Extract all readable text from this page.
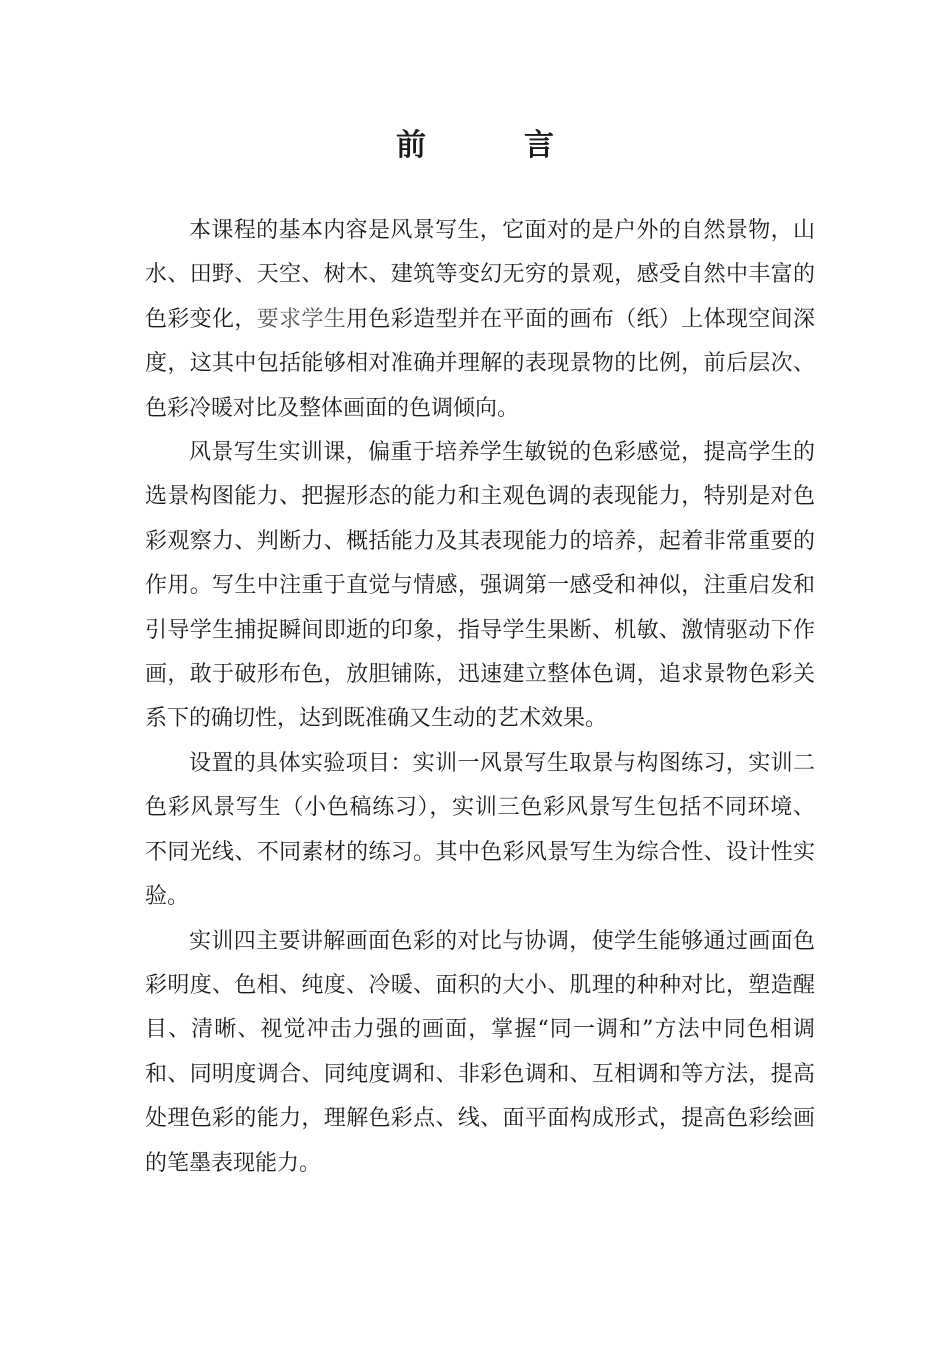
前　　　言

本课程的基本内容是风景写生，它面对的是户外的自然景物，山水、田野、天空、树木、建筑等变幻无穷的景观，感受自然中丰富的色彩变化，要求学生用色彩造型并在平面的画布（纸）上体现空间深度，这其中包括能够相对准确并理解的表现景物的比例，前后层次、色彩冷暖对比及整体画面的色调倾向。

风景写生实训课，偏重于培养学生敏锐的色彩感觉，提高学生的选景构图能力、把握形态的能力和主观色调的表现能力，特别是对色彩观察力、判断力、概括能力及其表现能力的培养，起着非常重要的作用。写生中注重于直觉与情感，强调第一感受和神似，注重启发和引导学生捕捉瞬间即逝的印象，指导学生果断、机敏、激情驱动下作画，敢于破形布色，放胆铺陈，迅速建立整体色调，追求景物色彩关系下的确切性，达到既准确又生动的艺术效果。

设置的具体实验项目：实训一风景写生取景与构图练习，实训二色彩风景写生（小色稿练习），实训三色彩风景写生包括不同环境、不同光线、不同素材的练习。其中色彩风景写生为综合性、设计性实验。

实训四主要讲解画面色彩的对比与协调，使学生能够通过画面色彩明度、色相、纯度、冷暖、面积的大小、肌理的种种对比，塑造醒目、清晰、视觉冲击力强的画面，掌握“同一调和”方法中同色相调和、同明度调合、同纯度调和、非彩色调和、互相调和等方法，提高处理色彩的能力，理解色彩点、线、面平面构成形式，提高色彩绘画的笔墨表现能力。
